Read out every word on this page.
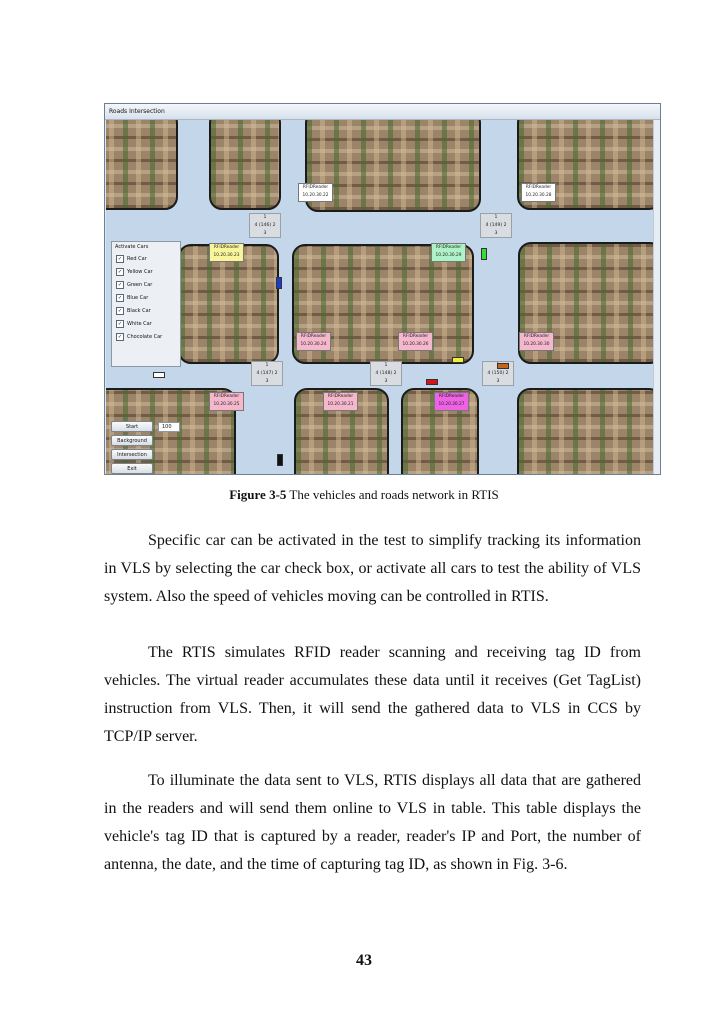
Roads Intersection
RFIDReader
10.20.30.22
RFIDReader
10.20.30.28
RFIDReader
10.20.30.23
RFIDReader
10.20.30.29
RFIDReader
10.20.30.24
RFIDReader
10.20.30.26
RFIDReader
10.20.30.30
RFIDReader
10.20.30.25
RFIDReader
10.20.30.21
RFIDReader
10.20.30.27
1
4 (146) 2
3
1
4 (149) 2
3
1
4 (147) 2
3
1
4 (148) 2
3
4 (150) 2
3
Activate Cars
✓ Red Car
✓ Yellow Car
✓ Green Car
✓ Blue Car
✓ Black Car
✓ White Car
✓ Chocolate Car
Start	100
Background
Intersection
Exit
Figure 3-5 The vehicles and roads network in RTIS

Specific car can be activated in the test to simplify tracking its information in VLS by selecting the car check box, or activate all cars to test the ability of VLS system. Also the speed of vehicles moving can be controlled in RTIS.

The RTIS simulates RFID reader scanning and receiving tag ID from vehicles. The virtual reader accumulates these data until it receives (Get TagList) instruction from VLS. Then, it will send the gathered data to VLS in CCS by TCP/IP server.

To illuminate the data sent to VLS, RTIS displays all data that are gathered in the readers and will send them online to VLS in table. This table displays the vehicle's tag ID that is captured by a reader, reader's IP and Port, the number of antenna, the date, and the time of capturing tag ID, as shown in Fig. 3-6.

43
